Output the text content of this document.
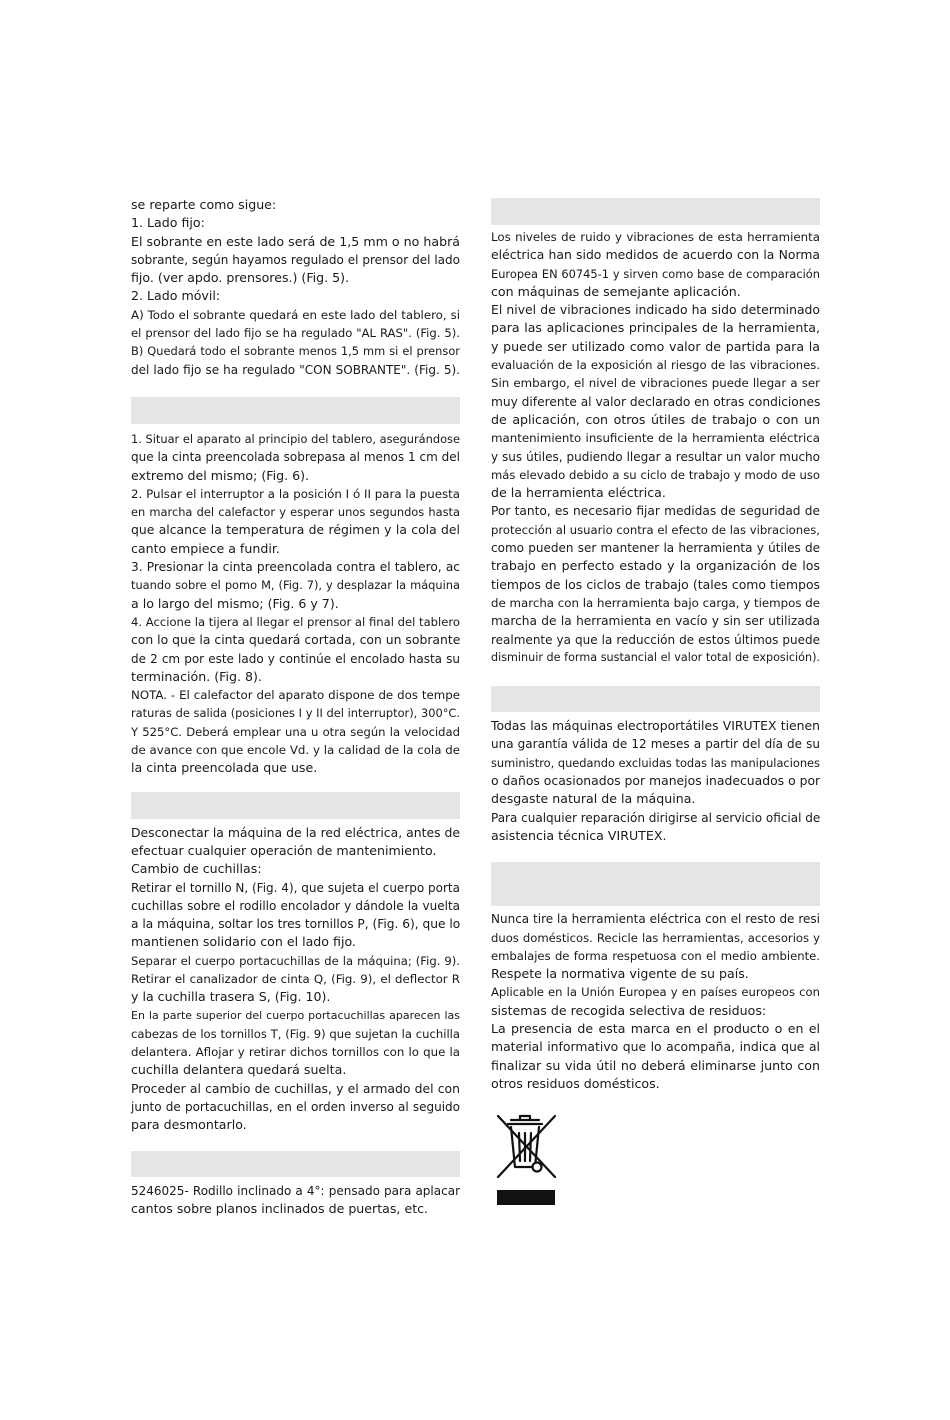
se reparte como sigue:
1. Lado fijo:
El sobrante en este lado será de 1,5 mm o no habrá
sobrante, según hayamos regulado el prensor del lado
fijo. (ver apdo. prensores.) (Fig. 5).
2. Lado móvil:
A) Todo el sobrante quedará en este lado del tablero, si
el prensor del lado fijo se ha regulado "AL RAS". (Fig. 5).
B) Quedará todo el sobrante menos 1,5 mm si el prensor
del lado fijo se ha regulado "CON SOBRANTE". (Fig. 5).
1. Situar el aparato al principio del tablero, asegurándose
que la cinta preencolada sobrepasa al menos 1 cm del
extremo del mismo; (Fig. 6).
2. Pulsar el interruptor a la posición I ó II para la puesta
en marcha del calefactor y esperar unos segundos hasta
que alcance la temperatura de régimen y la cola del
canto empiece a fundir.
3. Presionar la cinta preencolada contra el tablero, ac
tuando sobre el pomo M, (Fig. 7), y desplazar la máquina
a lo largo del mismo; (Fig. 6 y 7).
4. Accione la tijera al llegar el prensor al final del tablero
con lo que la cinta quedará cortada, con un sobrante
de 2 cm por este lado y continúe el encolado hasta su
terminación. (Fig. 8).
NOTA. - El calefactor del aparato dispone de dos tempe
raturas de salida (posiciones I y II del interruptor), 300°C.
Y 525°C. Deberá emplear una u otra según la velocidad
de avance con que encole Vd. y la calidad de la cola de
la cinta preencolada que use.
Desconectar la máquina de la red eléctrica, antes de
efectuar cualquier operación de mantenimiento.
Cambio de cuchillas:
Retirar el tornillo N, (Fig. 4), que sujeta el cuerpo porta
cuchillas sobre el rodillo encolador y dándole la vuelta
a la máquina, soltar los tres tornillos P, (Fig. 6), que lo
mantienen solidario con el lado fijo.
Separar el cuerpo portacuchillas de la máquina; (Fig. 9).
Retirar el canalizador de cinta Q, (Fig. 9), el deflector R
y la cuchilla trasera S, (Fig. 10).
En la parte superior del cuerpo portacuchillas aparecen las
cabezas de los tornillos T, (Fig. 9) que sujetan la cuchilla
delantera. Aflojar y retirar dichos tornillos con lo que la
cuchilla delantera quedará suelta.
Proceder al cambio de cuchillas, y el armado del con
junto de portacuchillas, en el orden inverso al seguido
para desmontarlo.
5246025- Rodillo inclinado a 4°: pensado para aplacar
cantos sobre planos inclinados de puertas, etc.
Los niveles de ruido y vibraciones de esta herramienta
eléctrica han sido medidos de acuerdo con la Norma
Europea EN 60745-1 y sirven como base de comparación
con máquinas de semejante aplicación.
El nivel de vibraciones indicado ha sido determinado
para las aplicaciones principales de la herramienta,
y puede ser utilizado como valor de partida para la
evaluación de la exposición al riesgo de las vibraciones.
Sin embargo, el nivel de vibraciones puede llegar a ser
muy diferente al valor declarado en otras condiciones
de aplicación, con otros útiles de trabajo o con un
mantenimiento insuficiente de la herramienta eléctrica
y sus útiles, pudiendo llegar a resultar un valor mucho
más elevado debido a su ciclo de trabajo y modo de uso
de la herramienta eléctrica.
Por tanto, es necesario fijar medidas de seguridad de
protección al usuario contra el efecto de las vibraciones,
como pueden ser mantener la herramienta y útiles de
trabajo en perfecto estado y la organización de los
tiempos de los ciclos de trabajo (tales como tiempos
de marcha con la herramienta bajo carga, y tiempos de
marcha de la herramienta en vacío y sin ser utilizada
realmente ya que la reducción de estos últimos puede
disminuir de forma sustancial el valor total de exposición).
Todas las máquinas electroportátiles VIRUTEX tienen
una garantía válida de 12 meses a partir del día de su
suministro, quedando excluidas todas las manipulaciones
o daños ocasionados por manejos inadecuados o por
desgaste natural de la máquina.
Para cualquier reparación dirigirse al servicio oficial de
asistencia técnica VIRUTEX.
Nunca tire la herramienta eléctrica con el resto de resi
duos domésticos. Recicle las herramientas, accesorios y
embalajes de forma respetuosa con el medio ambiente.
Respete la normativa vigente de su país.
Aplicable en la Unión Europea y en países europeos con
sistemas de recogida selectiva de residuos:
La presencia de esta marca en el producto o en el
material informativo que lo acompaña, indica que al
finalizar su vida útil no deberá eliminarse junto con
otros residuos domésticos.
